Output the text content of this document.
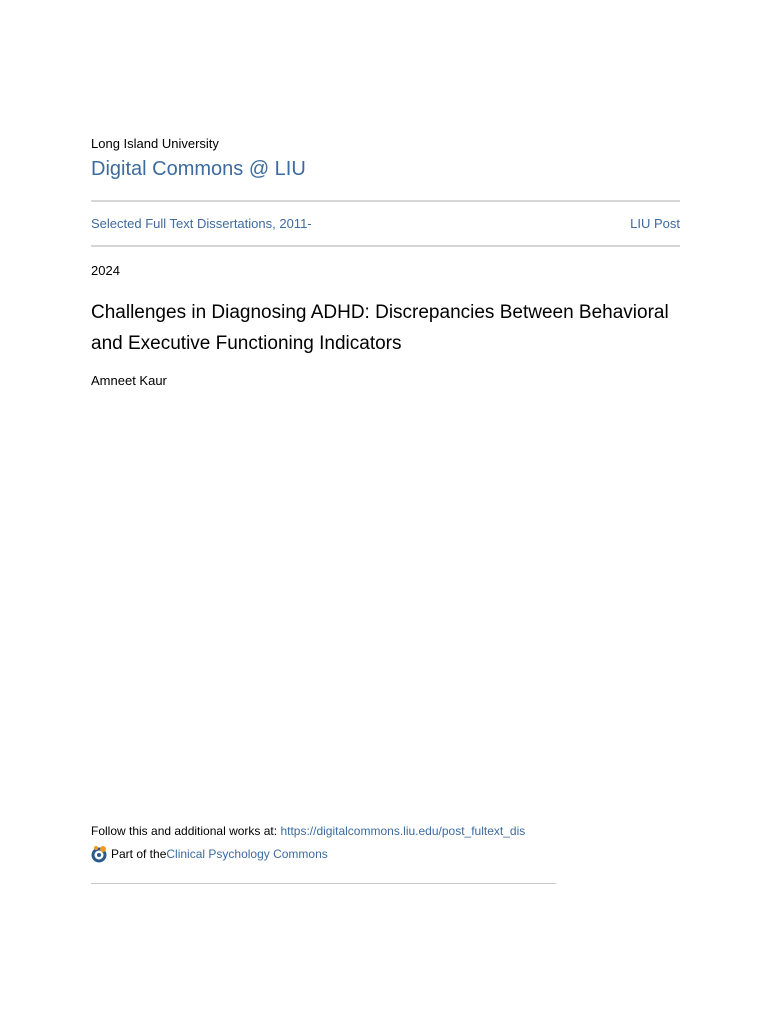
Long Island University
Digital Commons @ LIU
Selected Full Text Dissertations, 2011-	LIU Post
2024
Challenges in Diagnosing ADHD: Discrepancies Between Behavioral and Executive Functioning Indicators
Amneet Kaur
Follow this and additional works at: https://digitalcommons.liu.edu/post_fultext_dis
Part of the Clinical Psychology Commons
